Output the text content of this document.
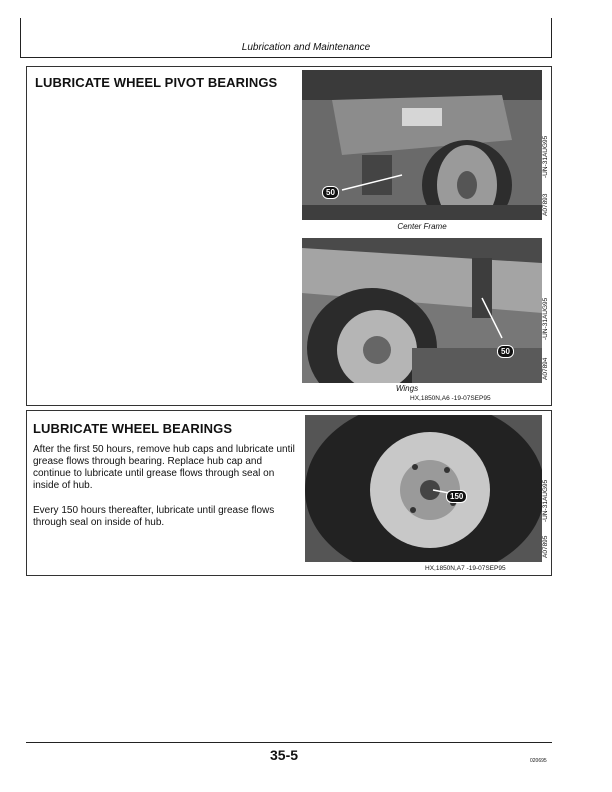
Lubrication and Maintenance
LUBRICATE WHEEL PIVOT BEARINGS
50
-UN-31AUG95
A07893
Center Frame
50
-UN-31AUG95
A07894
Wings
HX,1850N,A6 -19-07SEP95
LUBRICATE WHEEL BEARINGS
After the first 50 hours, remove hub caps and lubricate until grease flows through bearing. Replace hub cap and continue to lubricate until grease flows through seal on inside of hub.
Every 150 hours thereafter, lubricate until grease flows through seal on inside of hub.
150	-UN-31AUG95
A07895
HX,1850N,A7 -19-07SEP95
35-5	020695
